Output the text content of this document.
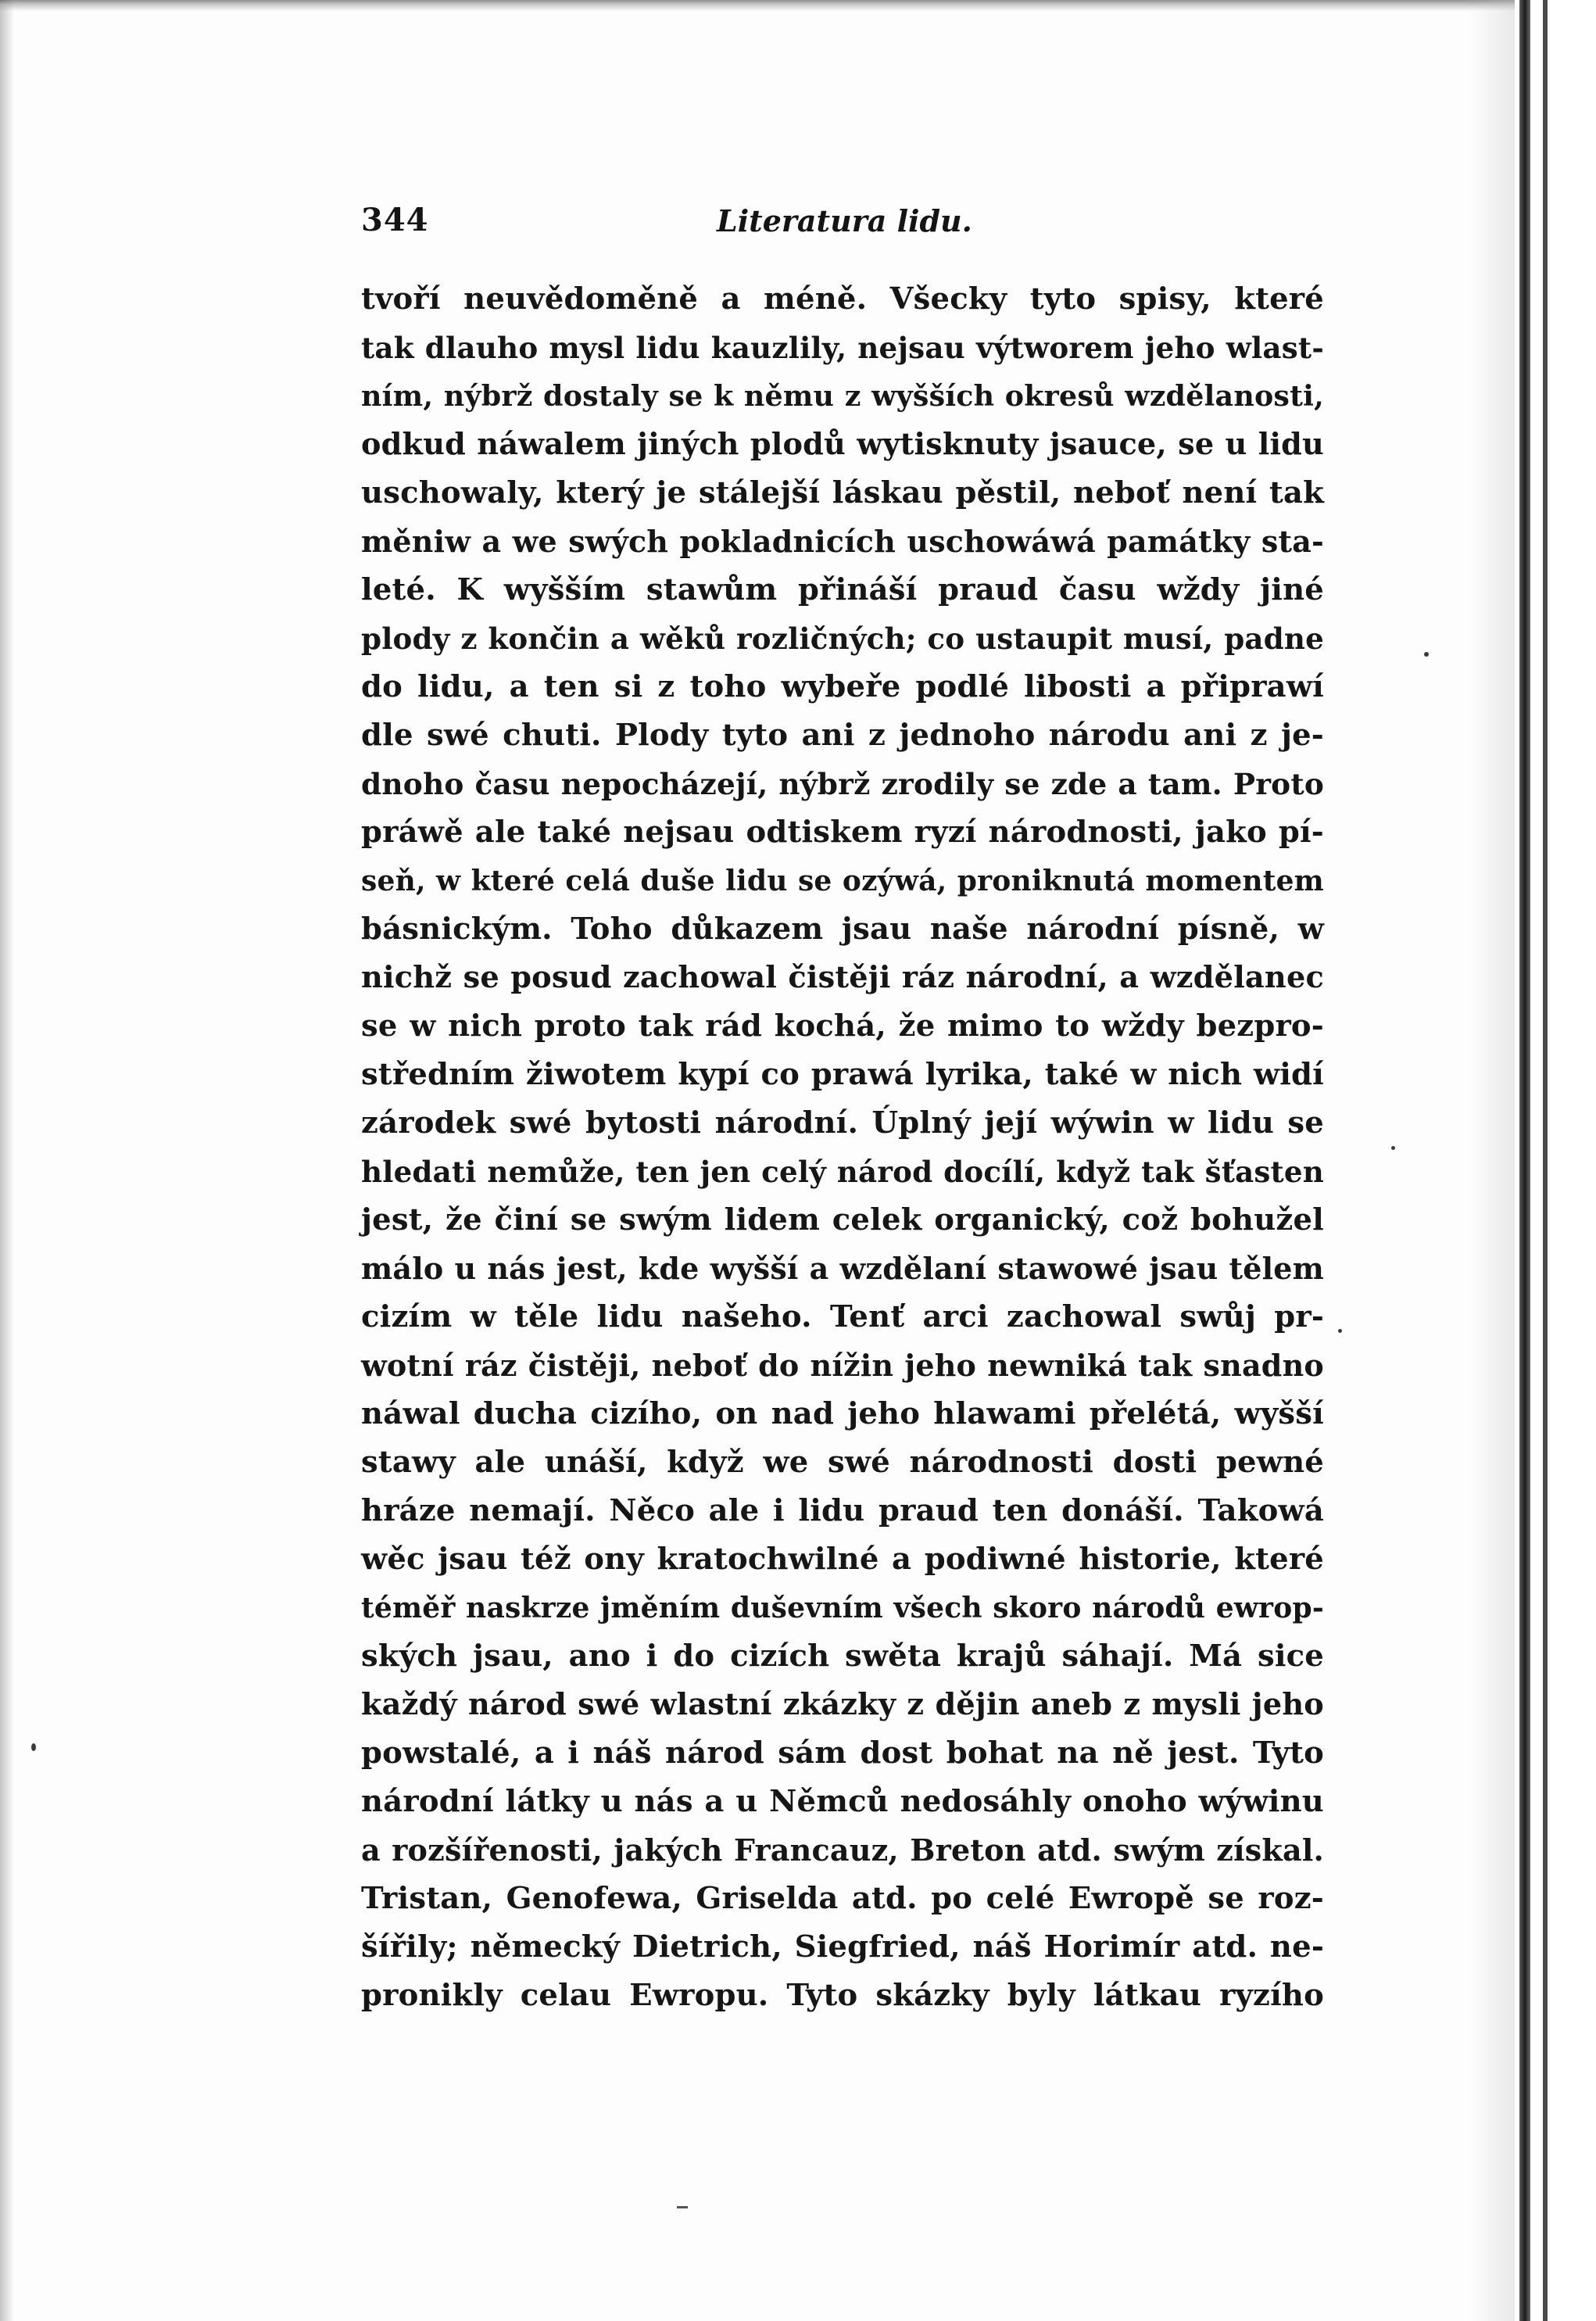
344	Literatura lidu.
tvoří neuvědoměně a méně. Všecky tyto spisy, které
tak dlauho mysl lidu kauzlily, nejsau výtworem jeho wlast-
ním, nýbrž dostaly se k němu z wyšších okresů wzdělanosti,
odkud náwalem jiných plodů wytisknuty jsauce, se u lidu
uschowaly, který je stálejší láskau pěstil, neboť není tak
měniw a we swých pokladnicích uschowáwá památky sta-
leté. K wyšším stawům přináší praud času wždy jiné
plody z končin a wěků rozličných; co ustaupit musí, padne
do lidu, a ten si z toho wybeře podlé libosti a připrawí
dle swé chuti. Plody tyto ani z jednoho národu ani z je-
dnoho času nepocházejí, nýbrž zrodily se zde a tam. Proto
práwě ale také nejsau odtiskem ryzí národnosti, jako pí-
seň, w které celá duše lidu se ozýwá, proniknutá momentem
básnickým. Toho důkazem jsau naše národní písně, w
nichž se posud zachowal čistěji ráz národní, a wzdělanec
se w nich proto tak rád kochá, že mimo to wždy bezpro-
středním žiwotem kypí co prawá lyrika, také w nich widí
zárodek swé bytosti národní. Úplný její wýwin w lidu se
hledati nemůže, ten jen celý národ docílí, když tak šťasten
jest, že činí se swým lidem celek organický, což bohužel
málo u nás jest, kde wyšší a wzdělaní stawowé jsau tělem
cizím w těle lidu našeho. Tenť arci zachowal swůj pr-
wotní ráz čistěji, neboť do nížin jeho newniká tak snadno
náwal ducha cizího, on nad jeho hlawami přelétá, wyšší
stawy ale unáší, když we swé národnosti dosti pewné
hráze nemají. Něco ale i lidu praud ten donáší. Takowá
wěc jsau též ony kratochwilné a podiwné historie, které
téměř naskrze jměním duševním všech skoro národů ewrop-
ských jsau, ano i do cizích swěta krajů sáhají. Má sice
každý národ swé wlastní zkázky z dějin aneb z mysli jeho
powstalé, a i náš národ sám dost bohat na ně jest. Tyto
národní látky u nás a u Němců nedosáhly onoho wýwinu
a rozšířenosti, jakých Francauz, Breton atd. swým získal.
Tristan, Genofewa, Griselda atd. po celé Ewropě se roz-
šířily; německý Dietrich, Siegfried, náš Horimír atd. ne-
pronikly celau Ewropu. Tyto skázky byly látkau ryzího
